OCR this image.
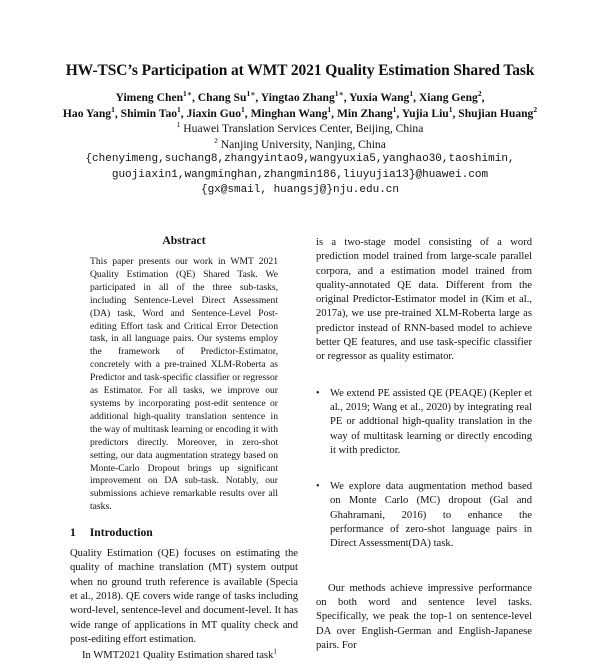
HW-TSC’s Participation at WMT 2021 Quality Estimation Shared Task
Yimeng Chen$^{1∗}$, Chang $Su^{1∗}$, Yingtao Zhang$^{1∗}$, Yuxia Wang$^1$, Xiang Geng$^2$,
Hao Yang$^1$, Shimin Tao$^1$, Jiaxin Guo$^1$, Minghan Wang$^1$, Min Zhang$^1$, Yujia Liu$^1$, Shujian Huang$^2$
$^1$ Huawei Translation Services Center, Beijing, China
$^2$ Nanjing University, Nanjing, China
{chenyimeng,suchang8,zhangyintao9,wangyuxia5,yanghao30,taoshimin,
guojiaxin1,wangminghan,zhangmin186,liuyujia13}@huawei.com
{gx@smail, huangsj@}nju.edu.cn
Abstract
This paper presents our work in WMT 2021 Quality Estimation (QE) Shared Task. We participated in all of the three sub-tasks, including Sentence-Level Direct Assessment (DA) task, Word and Sentence-Level Post-editing Effort task and Critical Error Detection task, in all language pairs. Our systems employ the framework of Predictor-Estimator, concretely with a pre-trained XLM-Roberta as Predictor and task-specific classifier or regressor as Estimator. For all tasks, we improve our systems by incorporating post-edit sentence or additional high-quality translation sentence in the way of multitask learning or encoding it with predictors directly. Moreover, in zero-shot setting, our data augmentation strategy based on Monte-Carlo Dropout brings up significant improvement on DA sub-task. Notably, our submissions achieve remarkable results over all tasks.
1 Introduction
Quality Estimation (QE) focuses on estimating the quality of machine translation (MT) system output when no ground truth reference is available (Specia et al., 2018). QE covers wide range of tasks including word-level, sentence-level and document-level. It has wide range of applications in MT quality check and post-editing effort estimation.
In WMT2021 Quality Estimation shared task$^1$

is a two-stage model consisting of a word prediction model trained from large-scale parallel corpora, and a estimation model trained from quality-annotated QE data. Different from the original Predictor-Estimator model in (Kim et al., 2017a), we use pre-trained XLM-Roberta large as predictor instead of RNN-based model to achieve better QE features, and use task-specific classifier or regressor as quality estimator.

• We extend PE assisted QE (PEAQE) (Kepler et al., 2019; Wang et al., 2020) by integrating real PE or addtional high-quality translation in the way of multitask learning or directly encoding it with predictor.
• We explore data augmentation method based on Monte Carlo (MC) dropout (Gal and Ghahramani, 2016) to enhance the performance of zero-shot language pairs in Direct Assessment(DA) task.

Our methods achieve impressive performance on both word and sentence level tasks. Specifically, we peak the top-1 on sentence-level DA over English-German and English-Japanese pairs. For
